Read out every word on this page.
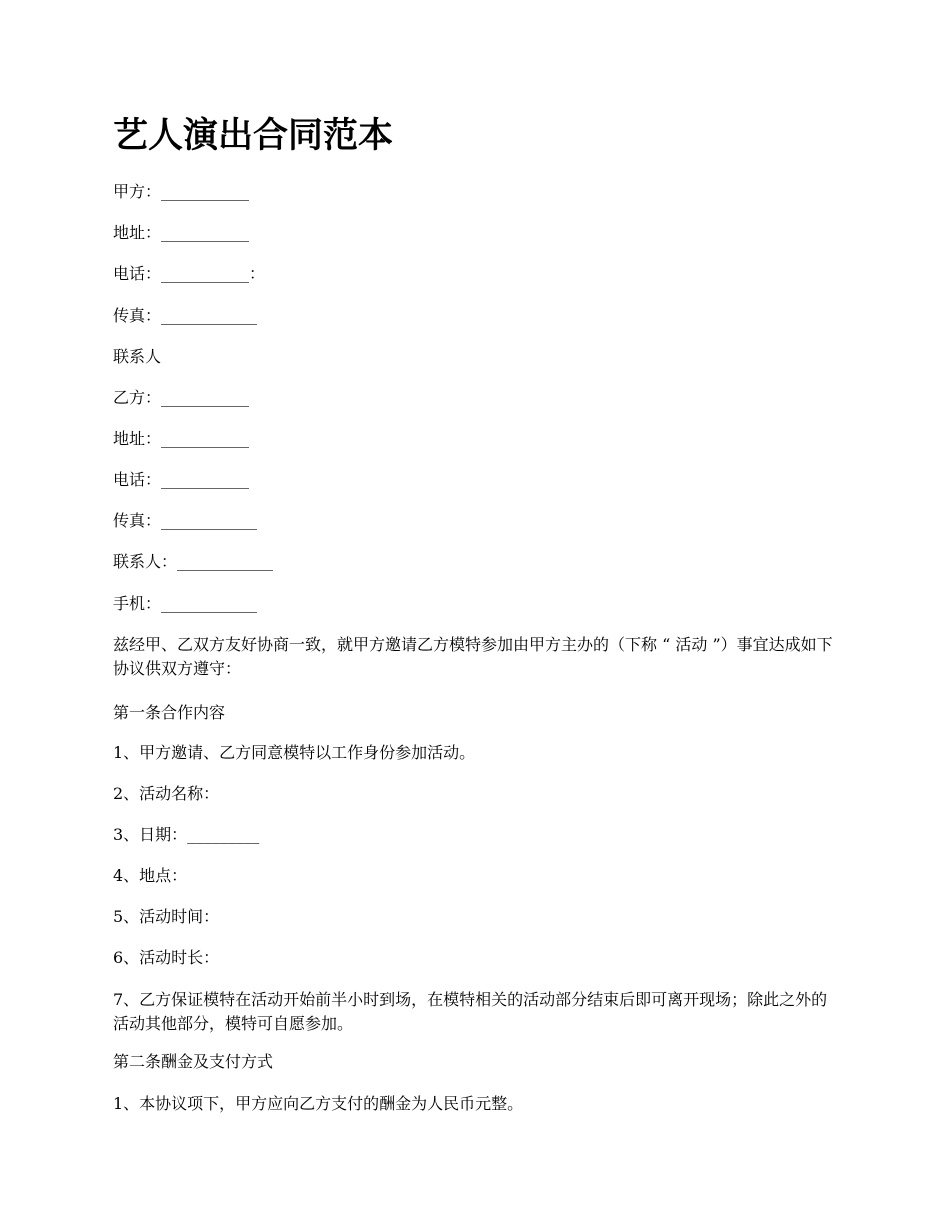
艺人演出合同范本

甲方：___________

地址：___________

电话：___________：

传真：____________

联系人

乙方：___________

地址：___________

电话：___________

传真：____________

联系人：____________

手机：____________

兹经甲、乙双方友好协商一致，就甲方邀请乙方模特参加由甲方主办的（下称 “ 活动 ”）事宜达成如下协议供双方遵守：

第一条合作内容

1、甲方邀请、乙方同意模特以工作身份参加活动。

2、活动名称：

3、日期：_________

4、地点：

5、活动时间：

6、活动时长：

7、乙方保证模特在活动开始前半小时到场，在模特相关的活动部分结束后即可离开现场；除此之外的活动其他部分，模特可自愿参加。

第二条酬金及支付方式

1、本协议项下，甲方应向乙方支付的酬金为人民币元整。
